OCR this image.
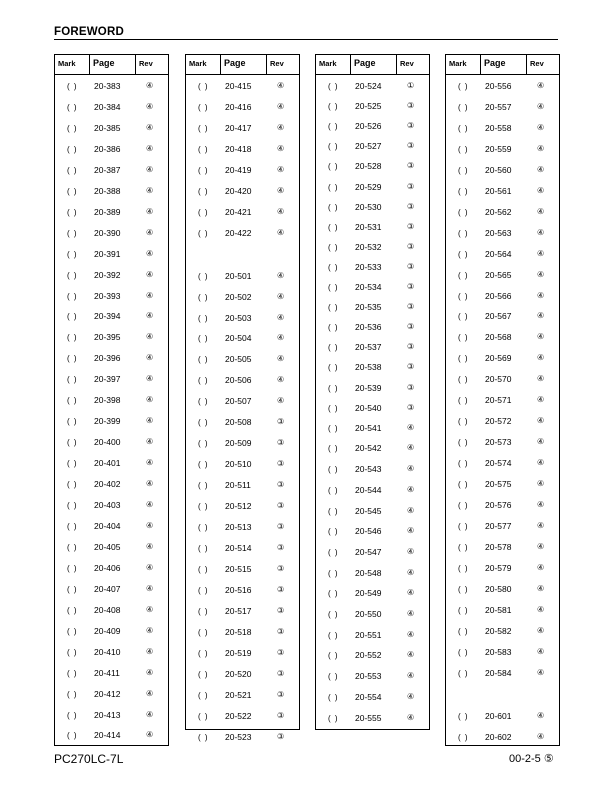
FOREWORD
Mark Page	Rev
( ) 20-383	④
( ) 20-384	④
( ) 20-385	④
( ) 20-386	④
( ) 20-387	④
( ) 20-388	④
( ) 20-389	④
( ) 20-390	④
( ) 20-391	④
( ) 20-392	④
( ) 20-393	④
( ) 20-394	④
( ) 20-395	④
( ) 20-396	④
( ) 20-397	④
( ) 20-398	④
( ) 20-399	④
( ) 20-400	④
( ) 20-401	④
( ) 20-402	④
( ) 20-403	④
( ) 20-404	④
( ) 20-405	④
( ) 20-406	④
( ) 20-407	④
( ) 20-408	④
( ) 20-409	④
( ) 20-410	④
( ) 20-411	④
( ) 20-412	④
( ) 20-413	④
( ) 20-414	④
Mark Page	Rev
( ) 20-415	④
( ) 20-416	④
( ) 20-417	④
( ) 20-418	④
( ) 20-419	④
( ) 20-420	④
( ) 20-421	④
( ) 20-422	④
( ) 20-501	④
( ) 20-502	④
( ) 20-503	④
( ) 20-504	④
( ) 20-505	④
( ) 20-506	④
( ) 20-507	④
( ) 20-508	③
( ) 20-509	③
( ) 20-510	③
( ) 20-511	③
( ) 20-512	③
( ) 20-513	③
( ) 20-514	③
( ) 20-515	③
( ) 20-516	③
( ) 20-517	③
( ) 20-518	③
( ) 20-519	③
( ) 20-520	③
( ) 20-521	③
( ) 20-522	③
( ) 20-523	③
Mark Page	Rev
( ) 20-524	①
( ) 20-525	③
( ) 20-526	③
( ) 20-527	③
( ) 20-528	③
( ) 20-529	③
( ) 20-530	③
( ) 20-531	③
( ) 20-532	③
( ) 20-533	③
( ) 20-534	③
( ) 20-535	③
( ) 20-536	③
( ) 20-537	③
( ) 20-538	③
( ) 20-539	③
( ) 20-540	③
( ) 20-541	④
( ) 20-542	④
( ) 20-543	④
( ) 20-544	④
( ) 20-545	④
( ) 20-546	④
( ) 20-547	④
( ) 20-548	④
( ) 20-549	④
( ) 20-550	④
( ) 20-551	④
( ) 20-552	④
( ) 20-553	④
( ) 20-554	④
( ) 20-555	④
Mark Page	Rev
( ) 20-556	④
( ) 20-557	④
( ) 20-558	④
( ) 20-559	④
( ) 20-560	④
( ) 20-561	④
( ) 20-562	④
( ) 20-563	④
( ) 20-564	④
( ) 20-565	④
( ) 20-566	④
( ) 20-567	④
( ) 20-568	④
( ) 20-569	④
( ) 20-570	④
( ) 20-571	④
( ) 20-572	④
( ) 20-573	④
( ) 20-574	④
( ) 20-575	④
( ) 20-576	④
( ) 20-577	④
( ) 20-578	④
( ) 20-579	④
( ) 20-580	④
( ) 20-581	④
( ) 20-582	④
( ) 20-583	④
( ) 20-584	④
( ) 20-601	④
( ) 20-602	④
PC270LC-7L	00-2-5 ⑤
